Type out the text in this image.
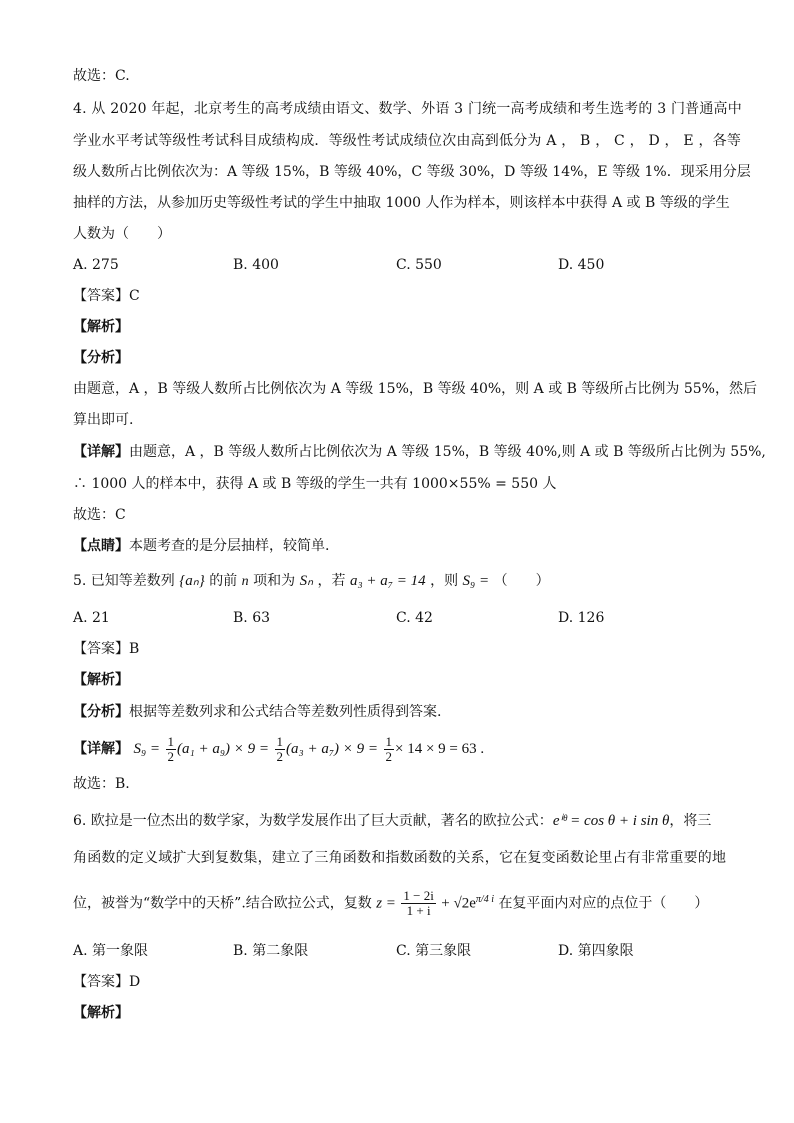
故选：C.
4. 从 2020 年起，北京考生的高考成绩由语文、数学、外语 3 门统一高考成绩和考生选考的 3 门普通高中
学业水平考试等级性考试科目成绩构成．等级性考试成绩位次由高到低分为 A ， B ， C ， D ， E ，各等
级人数所占比例依次为：A 等级 15%，B 等级 40%，C 等级 30%，D 等级 14%，E 等级 1%．现采用分层
抽样的方法，从参加历史等级性考试的学生中抽取 1000 人作为样本，则该样本中获得 A 或 B 等级的学生
人数为（　　）
A. 275	B. 400	C. 550	D. 450
【答案】C
【解析】
【分析】
由题意，A ，B 等级人数所占比例依次为 A 等级 15%，B 等级 40%，则 A 或 B 等级所占比例为 55%，然后
算出即可.
【详解】由题意，A ，B 等级人数所占比例依次为 A 等级 15%，B 等级 40%,则 A 或 B 等级所占比例为 55%,
∴ 1000 人的样本中，获得 A 或 B 等级的学生一共有 1000×55% = 550 人
故选：C
【点睛】本题考查的是分层抽样，较简单.
5. 已知等差数列 {aₙ} 的前 n 项和为 Sₙ ，若 a₃ + a₇ = 14 ，则 S₉ = （　　）
A. 21	B. 63	C. 42	D. 126
【答案】B
【解析】
【分析】根据等差数列求和公式结合等差数列性质得到答案.
【详解】 $S_9 = \frac{1}{2} (a_1 + a_9) \times 9 = \frac{1}{2} (a_3 + a_7) \times 9 = \frac{1}{2} \times 14 \times 9 = 63$ .
故选：B.
6. 欧拉是一位杰出的数学家，为数学发展作出了巨大贡献，著名的欧拉公式：eⁱᶿ = cos θ + i sin θ，将三
角函数的定义域扩大到复数集，建立了三角函数和指数函数的关系，它在复变函数论里占有非常重要的地
位，被誉为“数学中的天桥”.结合欧拉公式，复数 $z = \frac{1 - 2i}{1 + i} + √2e^{\pi/4 i}$ 在复平面内对应的点位于（　　）
A. 第一象限	B. 第二象限	C. 第三象限	D. 第四象限
【答案】D
【解析】
